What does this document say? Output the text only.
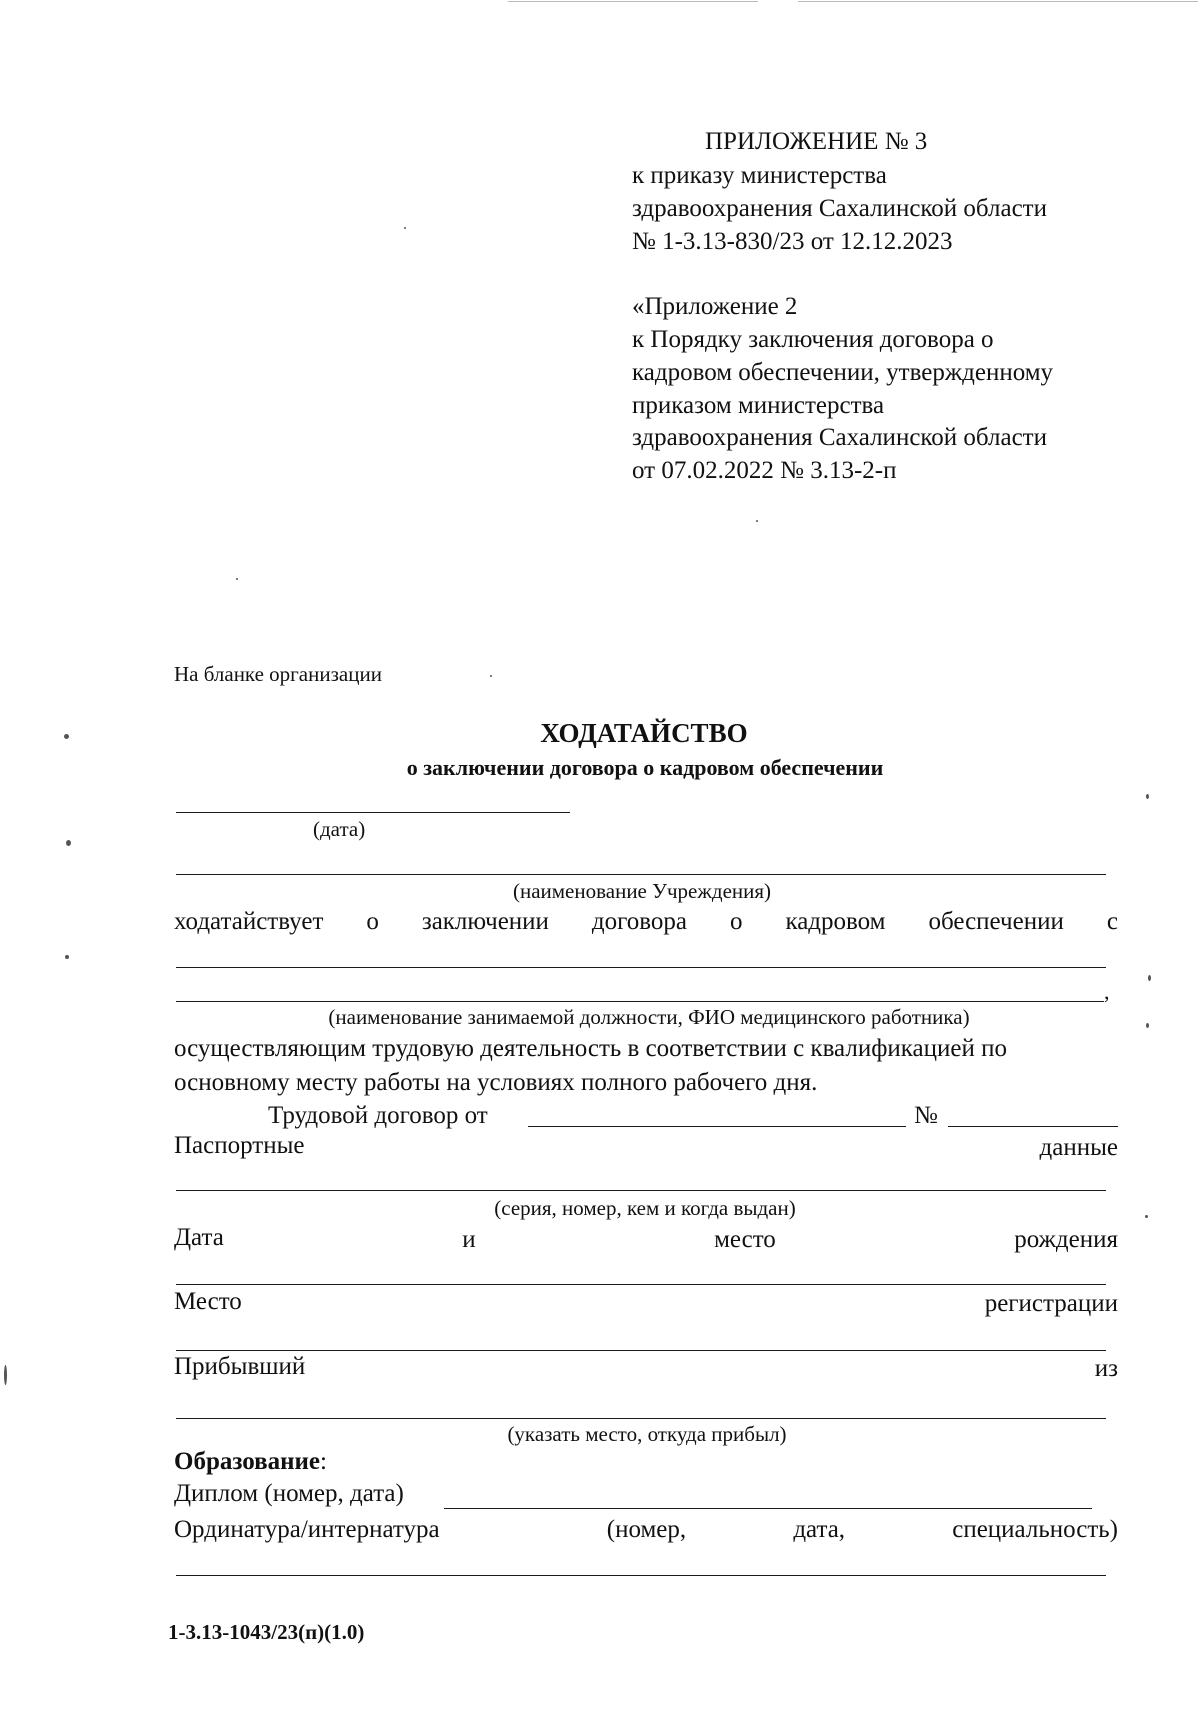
ПРИЛОЖЕНИЕ № 3
к приказу министерства
здравоохранения Сахалинской области
№ 1-3.13-830/23 от 12.12.2023
«Приложение 2
к Порядку заключения договора о
кадровом обеспечении, утвержденному
приказом министерства
здравоохранения Сахалинской области
от 07.02.2022 № 3.13-2-п
На бланке организации
ХОДАТАЙСТВО
о заключении договора о кадровом обеспечении
(дата)
(наименование Учреждения)
ходатайствует о заключении договора о кадровом обеспечении с
,
(наименование занимаемой должности, ФИО медицинского работника)
осуществляющим трудовую деятельность в соответствии с квалификацией по
основному месту работы на условиях полного рабочего дня.
Трудовой договор от	№
Паспортные	данные
(серия, номер, кем и когда выдан)
Дата	и	место	рождения
Место	регистрации
Прибывший	из
(указать место, откуда прибыл)
Образование:
Диплом (номер, дата)
Ординатура/интернатура	(номер,	дата,	специальность)
1-3.13-1043/23(п)(1.0)
